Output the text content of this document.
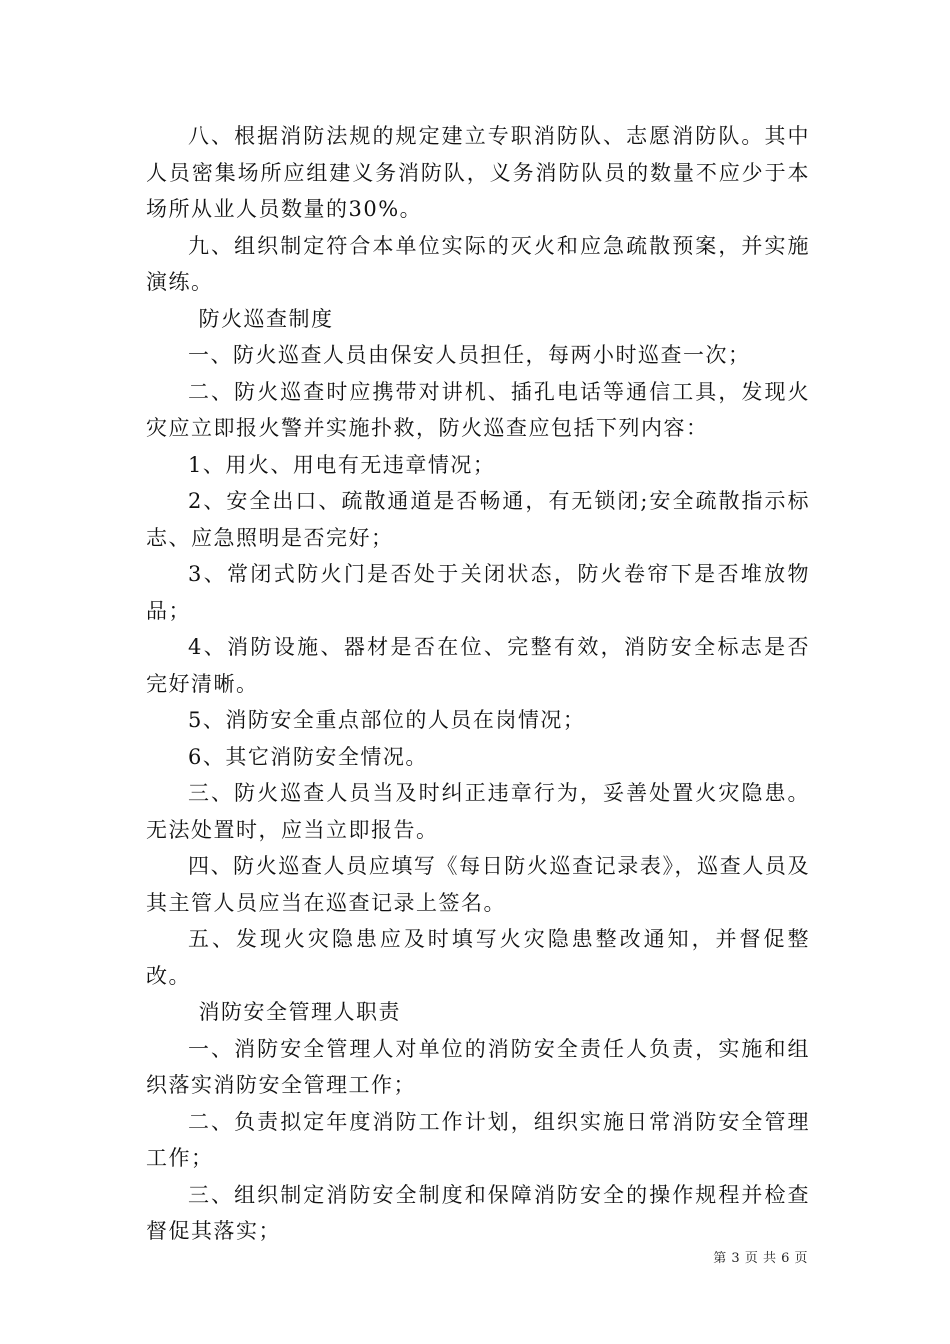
八、根据消防法规的规定建立专职消防队、志愿消防队。其中人员密集场所应组建义务消防队，义务消防队员的数量不应少于本场所从业人员数量的30%。

九、组织制定符合本单位实际的灭火和应急疏散预案，并实施演练。

防火巡查制度

一、防火巡查人员由保安人员担任，每两小时巡查一次；

二、防火巡查时应携带对讲机、插孔电话等通信工具，发现火灾应立即报火警并实施扑救，防火巡查应包括下列内容：

1、用火、用电有无违章情况；

2、安全出口、疏散通道是否畅通，有无锁闭;安全疏散指示标志、应急照明是否完好；

3、常闭式防火门是否处于关闭状态，防火卷帘下是否堆放物品；

4、消防设施、器材是否在位、完整有效，消防安全标志是否完好清晰。

5、消防安全重点部位的人员在岗情况；

6、其它消防安全情况。

三、防火巡查人员当及时纠正违章行为，妥善处置火灾隐患。无法处置时，应当立即报告。

四、防火巡查人员应填写《每日防火巡查记录表》，巡查人员及其主管人员应当在巡查记录上签名。

五、发现火灾隐患应及时填写火灾隐患整改通知，并督促整改。

消防安全管理人职责

一、消防安全管理人对单位的消防安全责任人负责，实施和组织落实消防安全管理工作；

二、负责拟定年度消防工作计划，组织实施日常消防安全管理工作；

三、组织制定消防安全制度和保障消防安全的操作规程并检查督促其落实；

第 3 页 共 6 页
